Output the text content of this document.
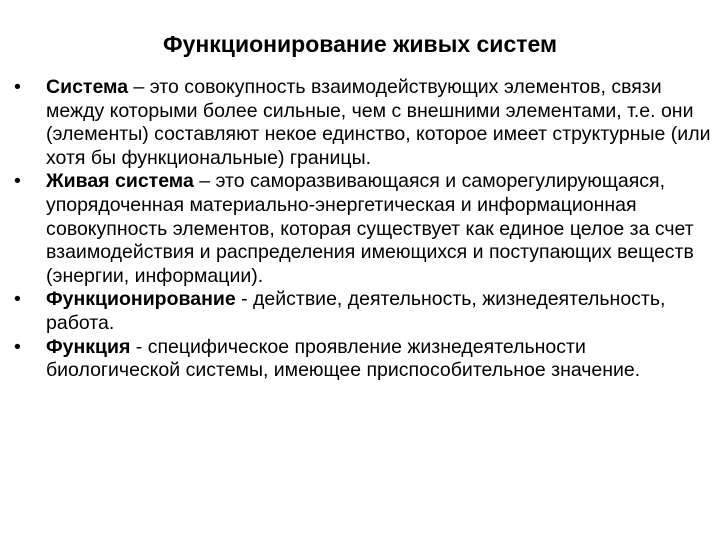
Функционирование живых систем
• Система – это совокупность взаимодействующих элементов, связи между которыми более сильные, чем с внешними элементами, т.е. они (элементы) составляют некое единство, которое имеет структурные (или хотя бы функциональные) границы.
• Живая система – это саморазвивающаяся и саморегулирующаяся, упорядоченная материально-энергетическая и информационная совокупность элементов, которая существует как единое целое за счет взаимодействия и распределения имеющихся и поступающих веществ (энергии, информации).
• Функционирование - действие, деятельность, жизнедеятельность, работа.
• Функция - специфическое проявление жизнедеятельности биологической системы, имеющее приспособительное значение.
